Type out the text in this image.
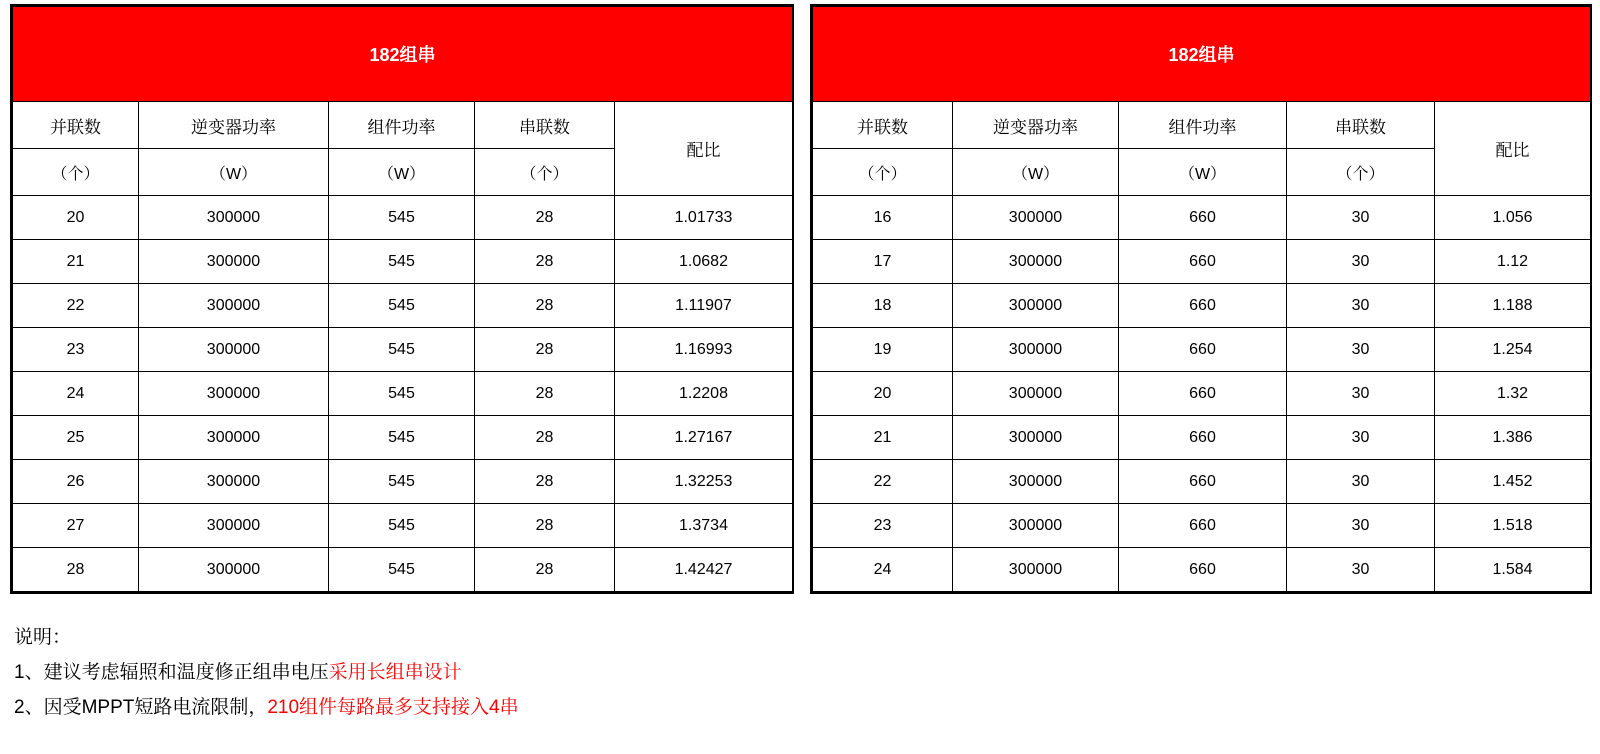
182组串				
并联数	逆变器功率	组件功率	串联数	配比
（个）	（W）	（W）	（个）	
20	300000	545	28	1.01733
21	300000	545	28	1.0682
22	300000	545	28	1.11907
23	300000	545	28	1.16993
24	300000	545	28	1.2208
25	300000	545	28	1.27167
26	300000	545	28	1.32253
27	300000	545	28	1.3734
28	300000	545	28	1.42427
182组串				
并联数	逆变器功率	组件功率	串联数	配比
（个）	（W）	（W）	（个）	
16	300000	660	30	1.056
17	300000	660	30	1.12
18	300000	660	30	1.188
19	300000	660	30	1.254
20	300000	660	30	1.32
21	300000	660	30	1.386
22	300000	660	30	1.452
23	300000	660	30	1.518
24	300000	660	30	1.584
说明：
1、建议考虑辐照和温度修正组串电压采用长组串设计
2、因受MPPT短路电流限制，210组件每路最多支持接入4串
